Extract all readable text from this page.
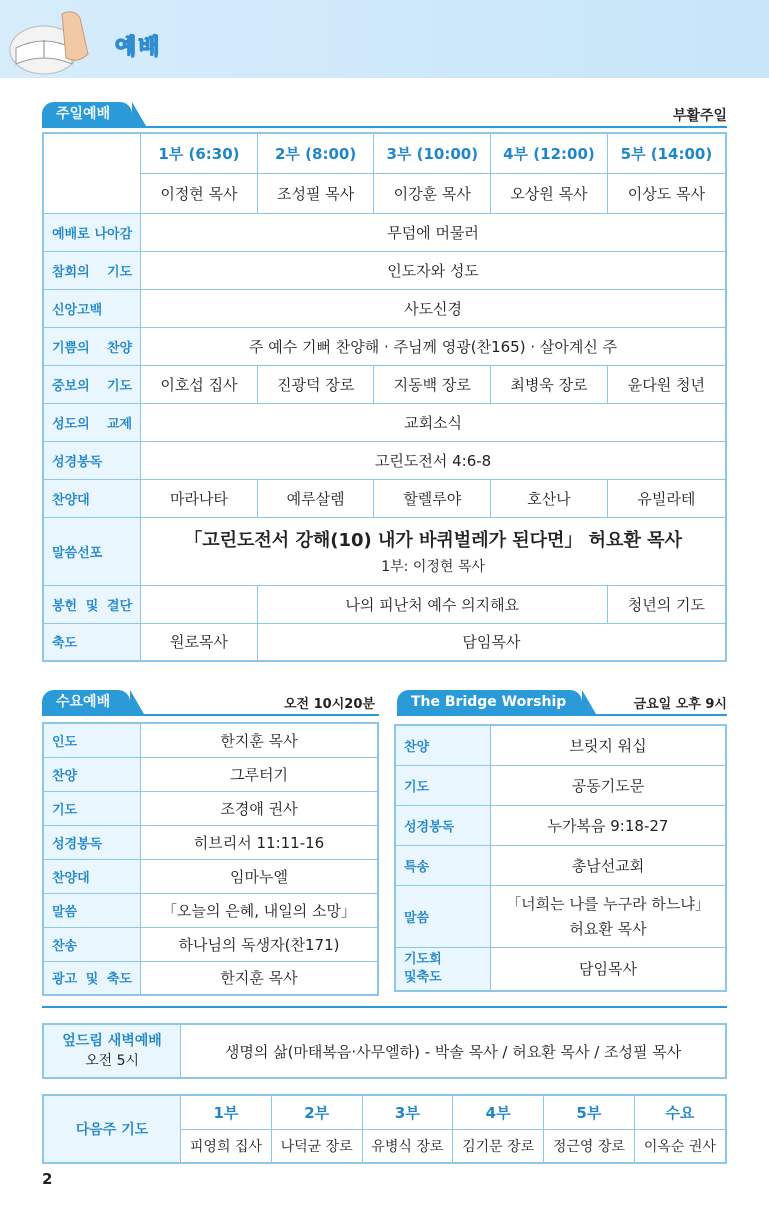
예배
주일예배	부활주일
	1부 (6:30)	2부 (8:00)	3부 (10:00)	4부 (12:00)	5부 (14:00)
	이정현 목사	조성필 목사	이강훈 목사	오상원 목사	이상도 목사
예배로 나아감	무덤에 머물러				
참회의 기도	인도자와 성도				
신앙고백	사도신경				
기쁨의 찬양	주 예수 기뻐 찬양해 · 주님께 영광(찬165) · 살아계신 주				
중보의 기도	이호섭 집사	진광덕 장로	지동백 장로	최병욱 장로	윤다원 청년
성도의 교제	교회소식				
성경봉독	고린도전서 4:6-8				
찬양대	마라나타	예루살렘	할렐루야	호산나	유빌라테
말씀선포	「고린도전서 강해(10) 내가 바퀴벌레가 된다면」 허요환 목사
1부: 이정현 목사				

봉헌 및 결단		나의 피난처 예수 의지해요			청년의 기도
축도	원로목사	담임목사			
수요예배	오전 10시20분
인도	한지훈 목사
찬양	그루터기
기도	조경애 권사
성경봉독	히브리서 11:11-16
찬양대	임마누엘
말씀	「오늘의 은혜, 내일의 소망」
찬송	하나님의 독생자(찬171)
광고 및 축도	한지훈 목사
The Bridge Worship	금요일 오후 9시
찬양	브릿지 워십
기도	공동기도문
성경봉독	누가복음 9:18-27
특송	총남선교회
말씀	「너희는 나를 누구라 하느냐」
허요환 목사

기도회
및축도	담임목사
엎드림 새벽예배
오전 5시
	생명의 삶(마태복음·사무엘하) - 박솔 목사 / 허요환 목사 / 조성필 목사
다음주 기도	1부	2부	3부	4부	5부	수요
	피영희 집사	나덕균 장로	유병식 장로	김기문 장로	정근영 장로	이옥순 권사
2
